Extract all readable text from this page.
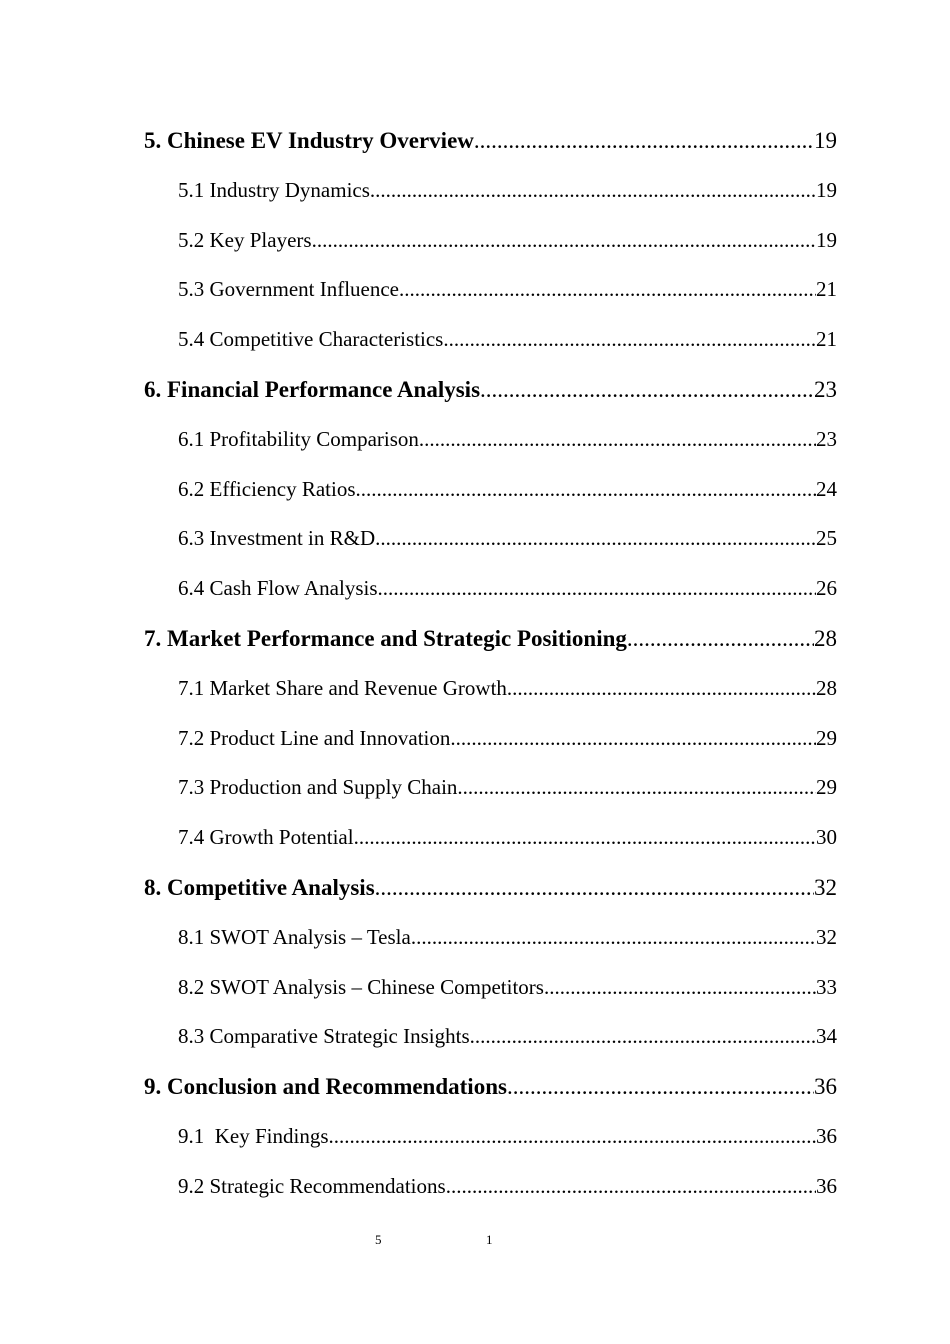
5. Chinese EV Industry Overview .....	19
5.1 Industry Dynamics .....	19
5.2 Key Players .....	19
5.3 Government Influence .....	21
5.4 Competitive Characteristics .....	21
6. Financial Performance Analysis .....	23
6.1 Profitability Comparison .....	23
6.2 Efficiency Ratios .....	24
6.3 Investment in R&D .....	25
6.4 Cash Flow Analysis .....	26
7. Market Performance and Strategic Positioning .....	28
7.1 Market Share and Revenue Growth .....	28
7.2 Product Line and Innovation .....	29
7.3 Production and Supply Chain .....	29
7.4 Growth Potential .....	30
8. Competitive Analysis .....	32
8.1 SWOT Analysis – Tesla .....	32
8.2 SWOT Analysis – Chinese Competitors .....	33
8.3 Comparative Strategic Insights .....	34
9. Conclusion and Recommendations .....	36
9.1  Key Findings .....	36
9.2 Strategic Recommendations .....	36
5	1
